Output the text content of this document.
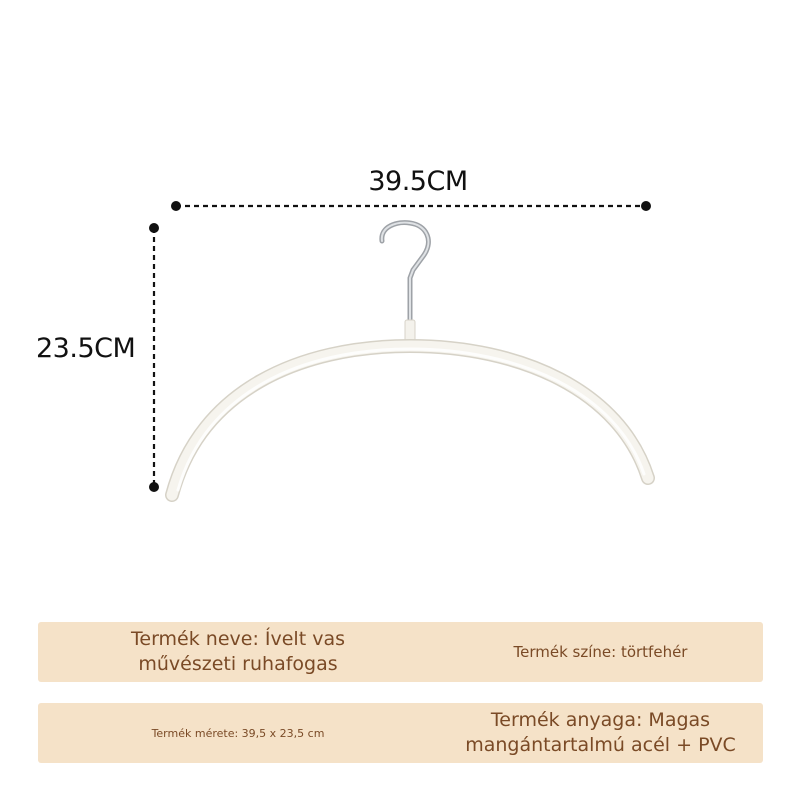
39.5CM
23.5CM
Termék neve: Ívelt vas művészeti ruhafogas
Termék színe: törtfehér
Termék mérete: 39,5 x 23,5 cm
Termék anyaga: Magas mangántartalmú acél + PVC
